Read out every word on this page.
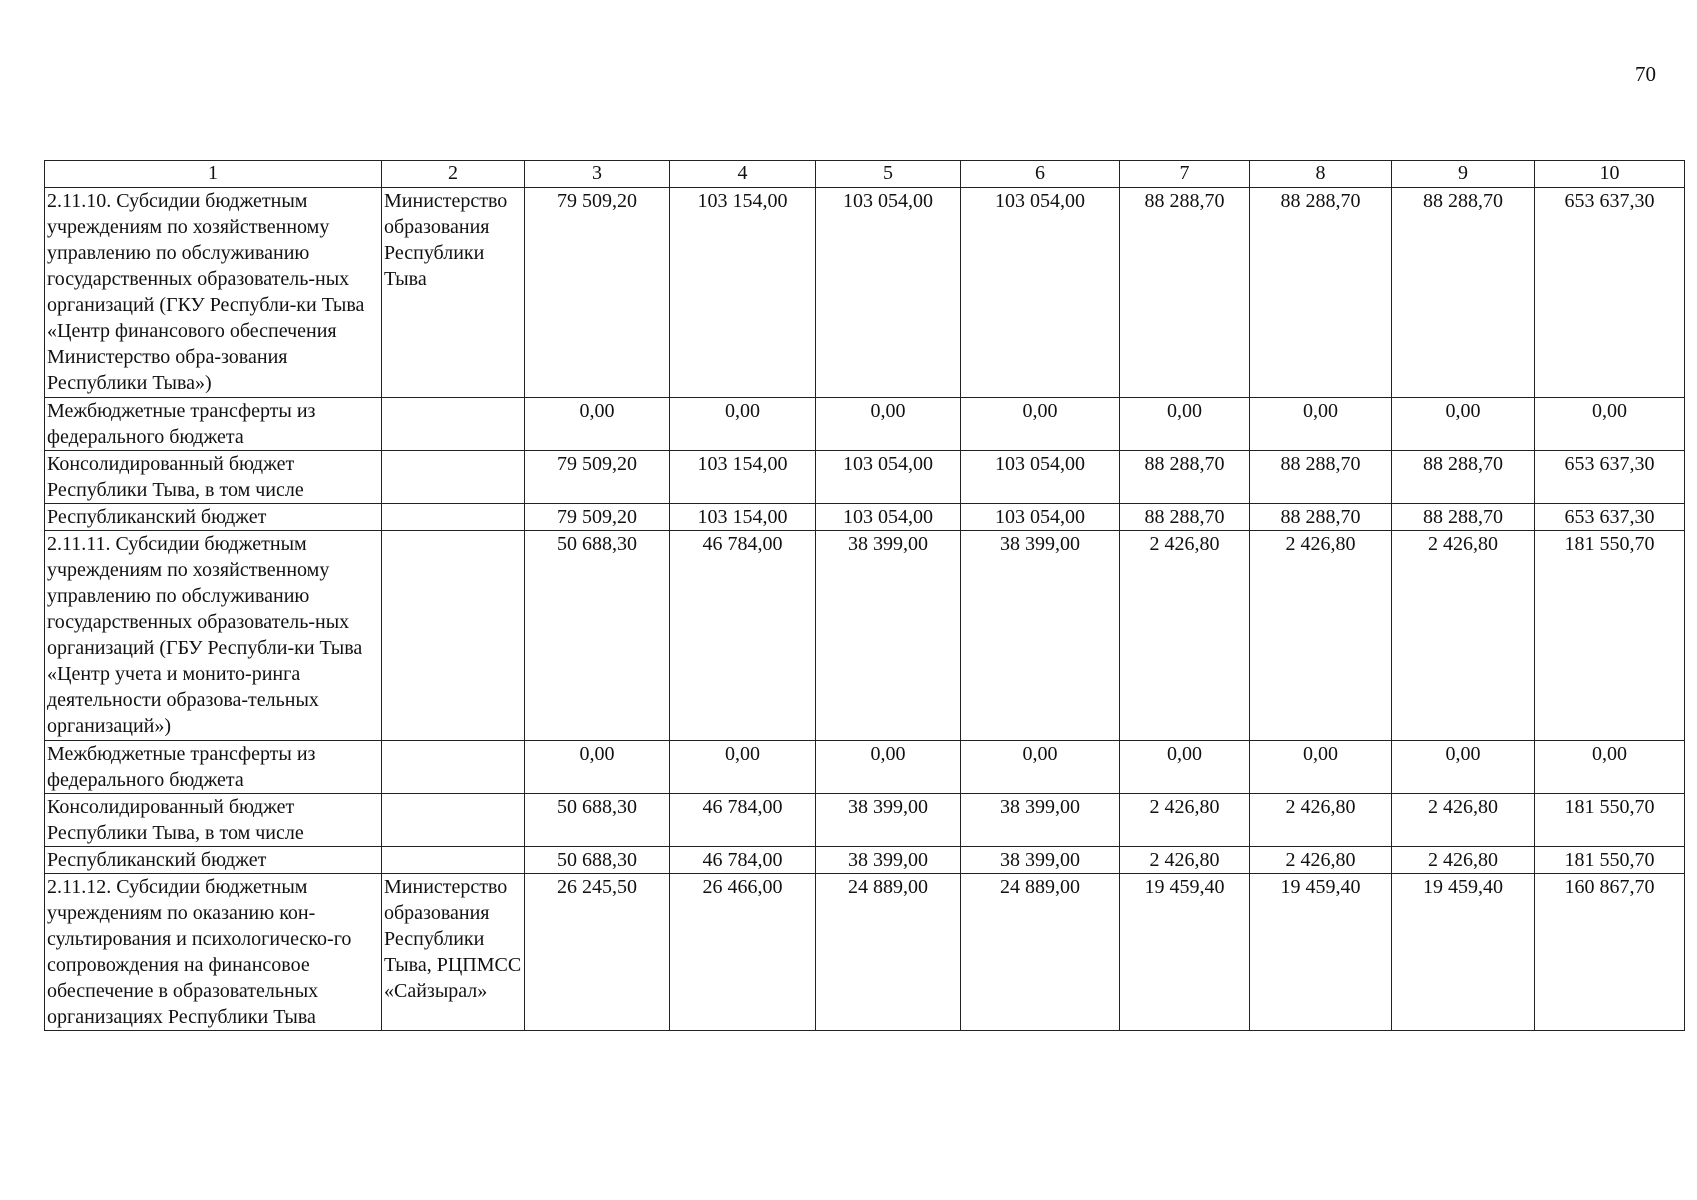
70
1	2	3	4	5	6	7	8	9	10
2.11.10. Субсидии бюджетным учреждениям по хозяйственному управлению по обслуживанию государственных образователь-ных организаций (ГКУ Республи-ки Тыва «Центр финансового обеспечения Министерство обра-зования Республики Тыва»)	Министерство образования Республики Тыва	79 509,20	103 154,00	103 054,00	103 054,00	88 288,70	88 288,70	88 288,70	653 637,30
Межбюджетные трансферты из федерального бюджета		0,00	0,00	0,00	0,00	0,00	0,00	0,00	0,00
Консолидированный бюджет Республики Тыва, в том числе		79 509,20	103 154,00	103 054,00	103 054,00	88 288,70	88 288,70	88 288,70	653 637,30
Республиканский бюджет		79 509,20	103 154,00	103 054,00	103 054,00	88 288,70	88 288,70	88 288,70	653 637,30
2.11.11. Субсидии бюджетным учреждениям по хозяйственному управлению по обслуживанию государственных образователь-ных организаций (ГБУ Республи-ки Тыва «Центр учета и монито-ринга деятельности образова-тельных организаций»)		50 688,30	46 784,00	38 399,00	38 399,00	2 426,80	2 426,80	2 426,80	181 550,70
Межбюджетные трансферты из федерального бюджета		0,00	0,00	0,00	0,00	0,00	0,00	0,00	0,00
Консолидированный бюджет Республики Тыва, в том числе		50 688,30	46 784,00	38 399,00	38 399,00	2 426,80	2 426,80	2 426,80	181 550,70
Республиканский бюджет		50 688,30	46 784,00	38 399,00	38 399,00	2 426,80	2 426,80	2 426,80	181 550,70
2.11.12. Субсидии бюджетным учреждениям по оказанию кон-сультирования и психологическо-го сопровождения на финансовое обеспечение в образовательных организациях Республики Тыва	Министерство образования Республики Тыва, РЦПМСС «Сайзырал»	26 245,50	26 466,00	24 889,00	24 889,00	19 459,40	19 459,40	19 459,40	160 867,70
